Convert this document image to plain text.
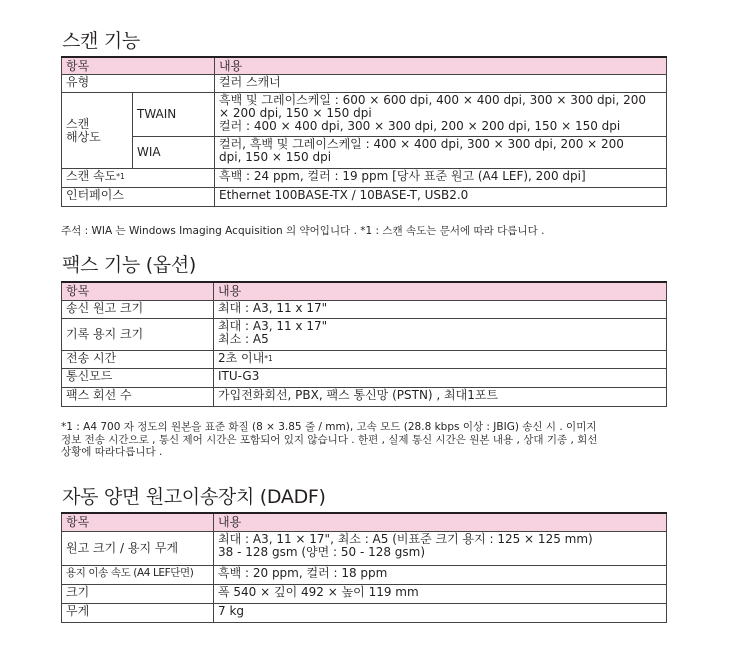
스캔 기능
항목		내용
유형		컬러 스캐너
스캔
해상도	TWAIN	흑백 및 그레이스케일 : 600 × 600 dpi, 400 × 400 dpi, 300 × 300 dpi, 200
× 200 dpi, 150 × 150 dpi
컬러 : 400 × 400 dpi, 300 × 300 dpi, 200 × 200 dpi, 150 × 150 dpi

	WIA	컬러, 흑백 및 그레이스케일 : 400 × 400 dpi, 300 × 300 dpi, 200 × 200
dpi, 150 × 150 dpi

스캔 속도$^{*1}$		흑백 : 24 ppm, 컬러 : 19 ppm [당사 표준 원고 (A4 LEF), 200 dpi]
인터페이스		Ethernet 100BASE-TX / 10BASE-T, USB2.0

주석 : WIA 는 Windows Imaging Acquisition 의 약어입니다 . *1 : 스캔 속도는 문서에 따라 다릅니다 .

팩스 기능 (옵션)
항목	내용
송신 원고 크기	최대 : A3, 11 x 17"
기록 용지 크기	최대 : A3, 11 x 17"
최소 : A5

전송 시간	2초 이내$^{*1}$
통신모드	ITU-G3
팩스 회선 수	가입전화회선, PBX, 팩스 통신망 (PSTN) , 최대1포트

*1 : A4 700 자 정도의 원본을 표준 화질 (8 × 3.85 줄 / mm), 고속 모드 (28.8 kbps 이상 : JBIG) 송신 시 . 이미지
정보 전송 시간으로 , 통신 제어 시간은 포함되어 있지 않습니다 . 한편 , 실제 통신 시간은 원본 내용 , 상대 기종 , 회선
상황에 따라다릅니다 .

자동 양면 원고이송장치 (DADF)
항목	내용
원고 크기 / 용지 무게	최대 : A3, 11 × 17", 최소 : A5 (비표준 크기 용지 : 125 × 125 mm)
38 - 128 gsm (양면 : 50 - 128 gsm)

용지 이송 속도 (A4 LEF단면)	흑백 : 20 ppm, 컬러 : 18 ppm
크기	폭 540 × 깊이 492 × 높이 119 mm
무게	7 kg
